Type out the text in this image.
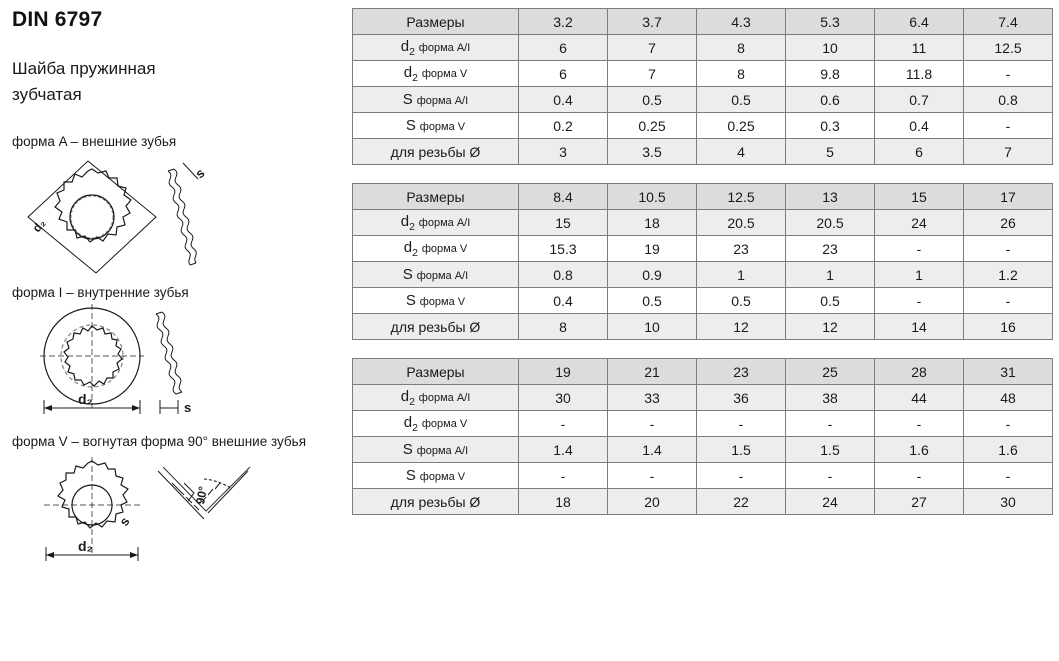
DIN 6797
Шайба пружинная
зубчатая
форма A – внешние зубья
d₂
s
форма I – внутренние зубья
d₂
s
форма V – вогнутая форма 90° внешние зубья
d₂
s
90°
Размеры	3.2	3.7	4.3	5.3	6.4	7.4
$d_2$ форма A/I	6	7	8	10	11	12.5
$d_2$ форма V	6	7	8	9.8	11.8	-
S форма A/I	0.4	0.5	0.5	0.6	0.7	0.8
S форма V	0.2	0.25	0.25	0.3	0.4	-
для резьбы Ø	3	3.5	4	5	6	7
Размеры	8.4	10.5	12.5	13	15	17
$d_2$ форма A/I	15	18	20.5	20.5	24	26
$d_2$ форма V	15.3	19	23	23	-	-
S форма A/I	0.8	0.9	1	1	1	1.2
S форма V	0.4	0.5	0.5	0.5	-	-
для резьбы Ø	8	10	12	12	14	16
Размеры	19	21	23	25	28	31
$d_2$ форма A/I	30	33	36	38	44	48
$d_2$ форма V	-	-	-	-	-	-
S форма A/I	1.4	1.4	1.5	1.5	1.6	1.6
S форма V	-	-	-	-	-	-
для резьбы Ø	18	20	22	24	27	30
